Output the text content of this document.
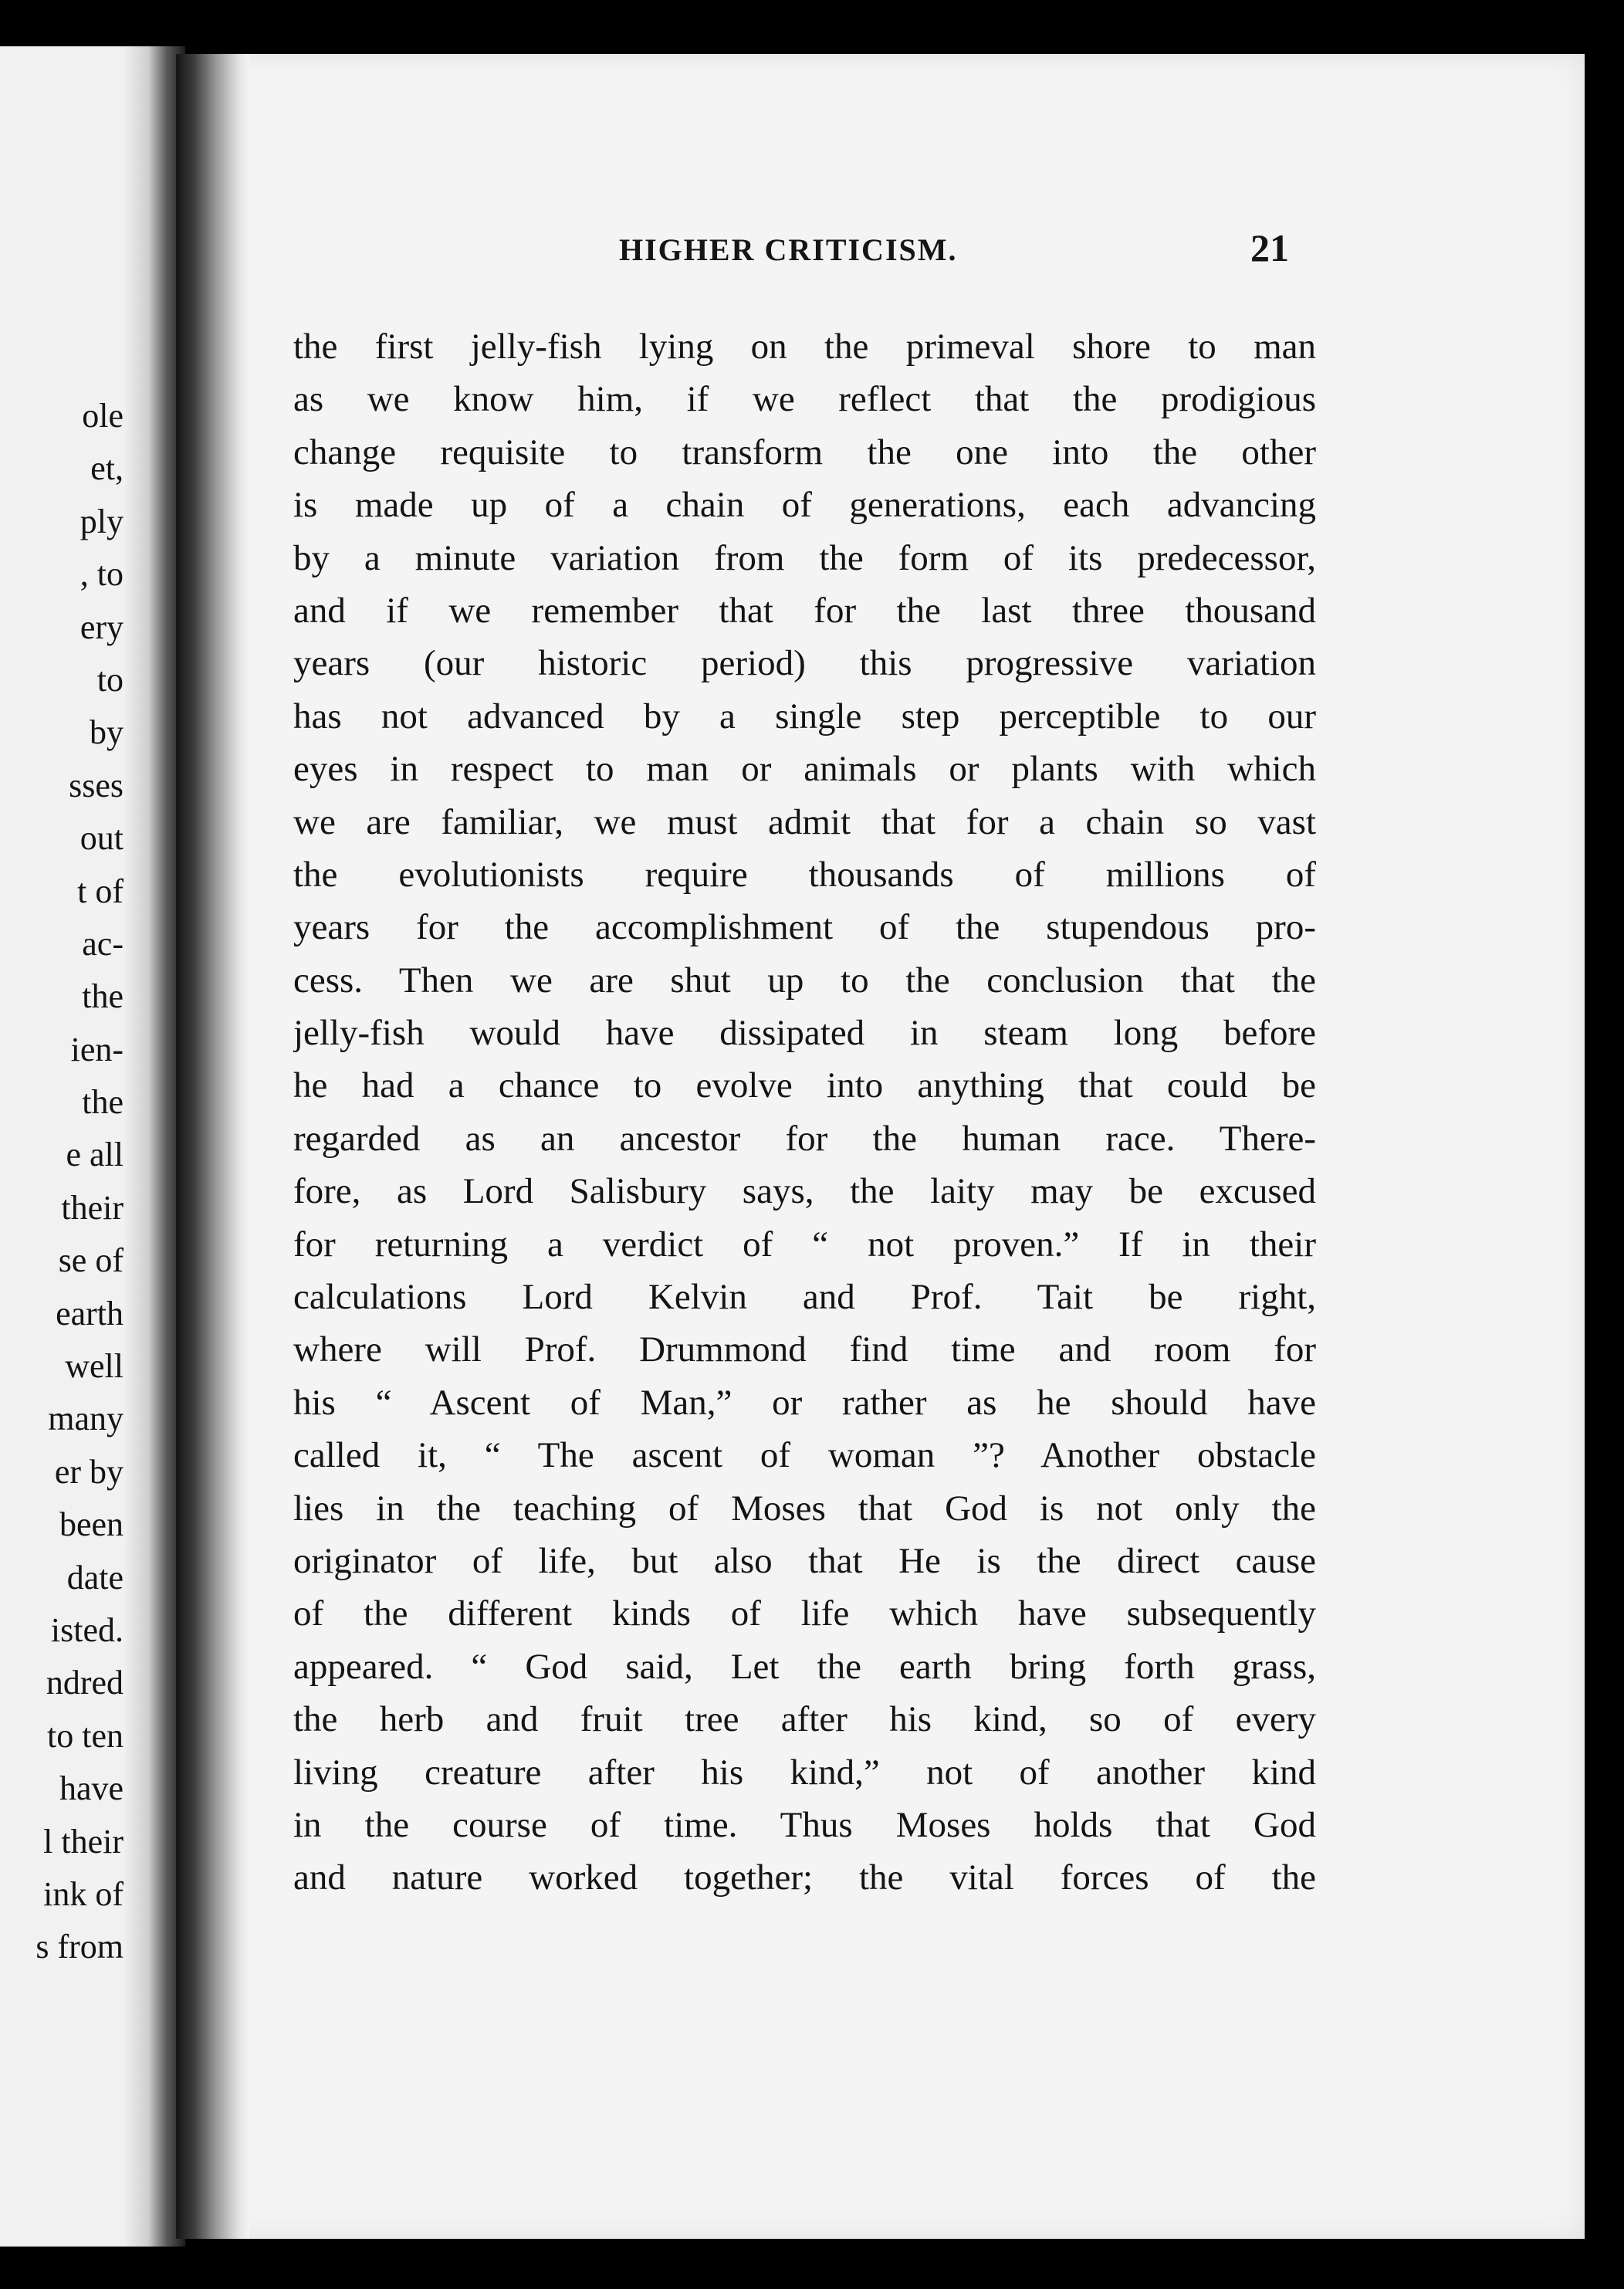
ole
et,
ply
, to
ery
to
by
sses
out
t of
ac-
the
ien-
the
e all
their
se of
earth
well
many
er by
been
date
isted.
ndred
to ten
have
l their
ink of
s from
HIGHER CRITICISM.	21
the first jelly-fish lying on the primeval shore to man
as we know him, if we reflect that the prodigious
change requisite to transform the one into the other
is made up of a chain of generations, each advancing
by a minute variation from the form of its predecessor,
and if we remember that for the last three thousand
years (our historic period) this progressive variation
has not advanced by a single step perceptible to our
eyes in respect to man or animals or plants with which
we are familiar, we must admit that for a chain so vast
the evolutionists require thousands of millions of
years for the accomplishment of the stupendous pro-
cess. Then we are shut up to the conclusion that the
jelly-fish would have dissipated in steam long before
he had a chance to evolve into anything that could be
regarded as an ancestor for the human race. There-
fore, as Lord Salisbury says, the laity may be excused
for returning a verdict of “ not proven.” If in their
calculations Lord Kelvin and Prof. Tait be right,
where will Prof. Drummond find time and room for
his “ Ascent of Man,” or rather as he should have
called it, “ The ascent of woman ”? Another obstacle
lies in the teaching of Moses that God is not only the
originator of life, but also that He is the direct cause
of the different kinds of life which have subsequently
appeared. “ God said, Let the earth bring forth grass,
the herb and fruit tree after his kind, so of every
living creature after his kind,” not of another kind
in the course of time. Thus Moses holds that God
and nature worked together; the vital forces of the
